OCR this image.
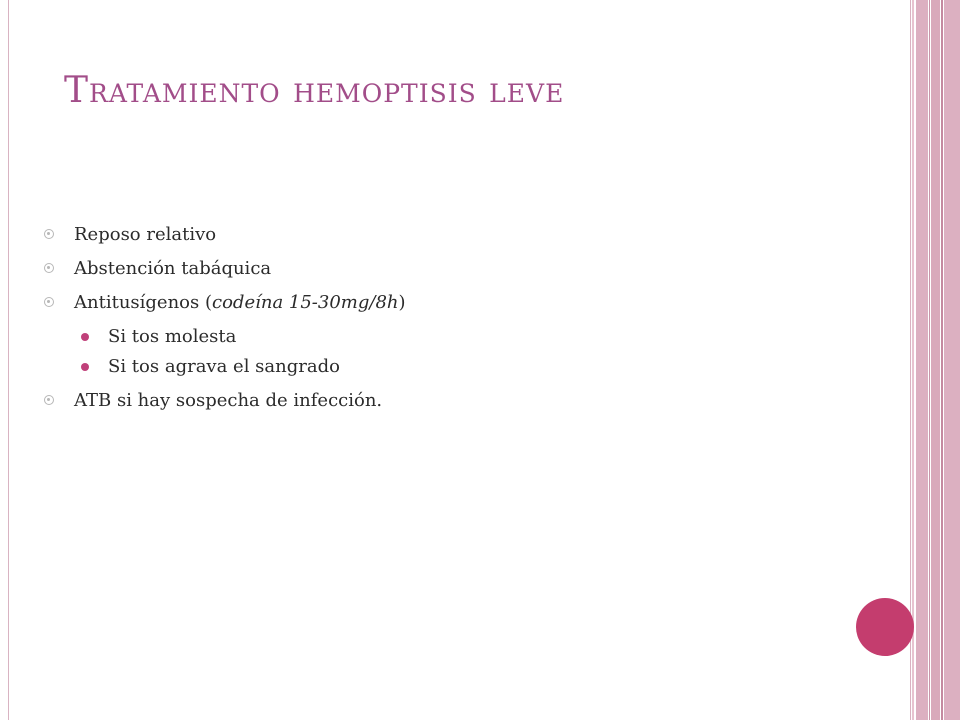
Tratamiento hemoptisis leve
Reposo relativo
Abstención tabáquica
Antitusígenos (codeína 15-30mg/8h)
Si tos molesta
Si tos agrava el sangrado
ATB si hay sospecha de infección.
